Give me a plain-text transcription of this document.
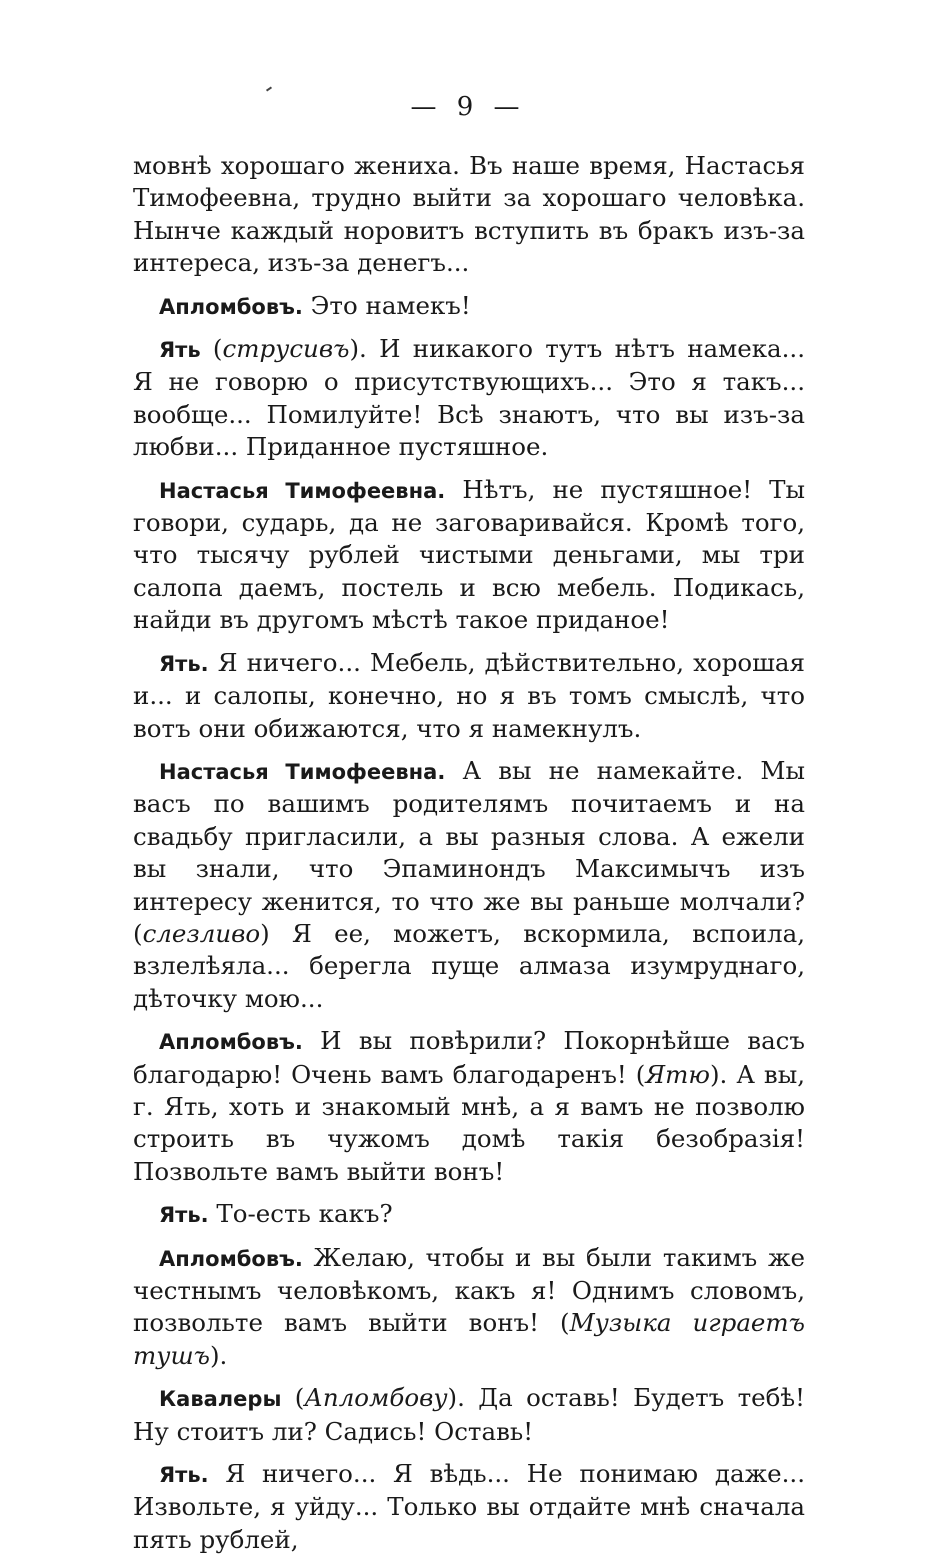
— 9 —

мовнѣ хорошаго жениха. Въ наше время, Настасья Тимофеевна, трудно выйти за хорошаго человѣка. Нынче каждый норовитъ вступить въ бракъ изъ-за интереса, изъ-за денегъ...

Апломбовъ. Это намекъ!

Ять (струсивъ). И никакого тутъ нѣтъ намека... Я не говорю о присутствующихъ... Это я такъ... вообще... Помилуйте! Всѣ знаютъ, что вы изъ-за любви... Приданное пустяшное.

Настасья Тимофеевна. Нѣтъ, не пустяшное! Ты говори, сударь, да не заговаривайся. Кромѣ того, что тысячу рублей чистыми деньгами, мы три салопа даемъ, постель и всю мебель. Подикась, найди въ другомъ мѣстѣ такое приданое!

Ять. Я ничего... Мебель, дѣйствительно, хорошая и... и салопы, конечно, но я въ томъ смыслѣ, что вотъ они обижаются, что я намекнулъ.

Настасья Тимофеевна. А вы не намекайте. Мы васъ по вашимъ родителямъ почитаемъ и на свадьбу пригласили, а вы разныя слова. А ежели вы знали, что Эпаминондъ Максимычъ изъ интересу женится, то что же вы раньше молчали? (слезливо) Я ее, можетъ, вскормила, вспоила, взлелѣяла... берегла пуще алмаза изумруднаго, дѣточку мою...

Апломбовъ. И вы повѣрили? Покорнѣйше васъ благодарю! Очень вамъ благодаренъ! (Ятю). А вы, г. Ять, хоть и знакомый мнѣ, а я вамъ не позволю строить въ чужомъ домѣ такія безобразія! Позвольте вамъ выйти вонъ!

Ять. То-есть какъ?

Апломбовъ. Желаю, чтобы и вы были такимъ же честнымъ человѣкомъ, какъ я! Однимъ словомъ, позвольте вамъ выйти вонъ! (Музыка играетъ тушъ).

Кавалеры (Апломбову). Да оставь! Будетъ тебѣ! Ну стоитъ ли? Садись! Оставь!

Ять. Я ничего... Я вѣдь... Не понимаю даже... Извольте, я уйду... Только вы отдайте мнѣ сначала пять рублей,
